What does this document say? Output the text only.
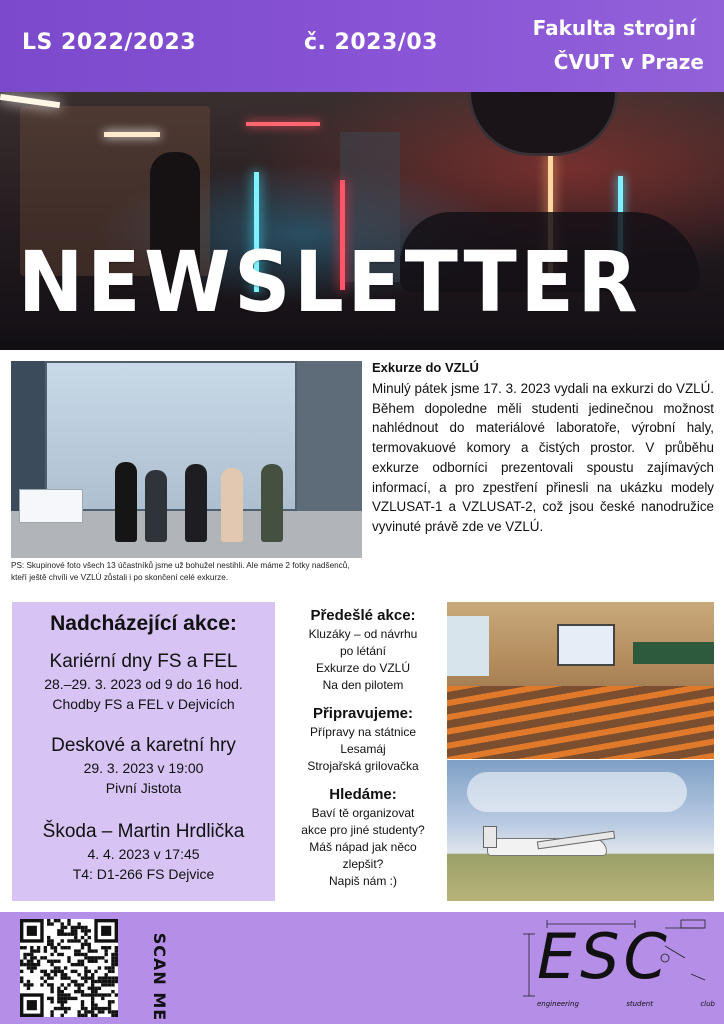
LS 2022/2023	č. 2023/03
Fakulta strojní
ČVUT v Praze
NEWSLETTER
PS: Skupinové foto všech 13 účastníků jsme už bohužel nestihli. Ale máme 2 fotky nadšenců, kteří ještě chvíli ve VZLÚ zůstali i po skončení celé exkurze.
Exkurze do VZLÚ
Minulý pátek jsme 17. 3. 2023 vydali na exkurzi do VZLÚ. Během dopoledne měli studenti jedinečnou možnost nahlédnout do materiálové laboratoře, výrobní haly, termovakuové komory a čistých prostor. V průběhu exkurze odborníci prezentovali spoustu zajímavých informací, a pro zpestření přinesli na ukázku modely VZLUSAT-1 a VZLUSAT-2, což jsou české nanodružice vyvinuté právě zde ve VZLÚ.
Nadcházející akce:
Kariérní dny FS a FEL
28.–29. 3. 2023 od 9 do 16 hod.
Chodby FS a FEL v Dejvicích
Deskové a karetní hry
29. 3. 2023 v 19:00
Pivní Jistota
Škoda – Martin Hrdlička
4. 4. 2023 v 17:45
T4: D1-266 FS Dejvice
Předešlé akce:
Kluzáky – od návrhu
po létání
Exkurze do VZLÚ
Na den pilotem
Připravujeme:
Přípravy na státnice
Lesamáj
Strojařská grilovačka
Hledáme:
Baví tě organizovat
akce pro jiné studenty?
Máš nápad jak něco
zlepšit?
Napiš nám :)
SCAN ME	ESC
engineering	student	club
